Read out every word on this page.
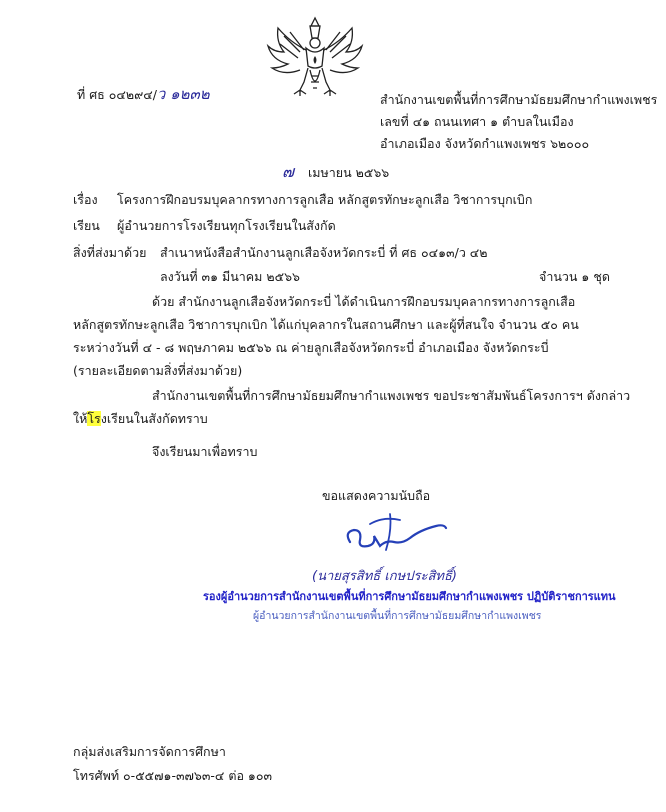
ที่ ศธ ๐๔๒๙๔/ว ๑๒๓๒	สำนักงานเขตพื้นที่การศึกษามัธยมศึกษากำแพงเพชร
เลขที่ ๔๑ ถนนเทศา ๑ ตำบลในเมือง
อำเภอเมือง จังหวัดกำแพงเพชร ๖๒๐๐๐
๗ เมษายน ๒๕๖๖
เรื่อง โครงการฝึกอบรมบุคลากรทางการลูกเสือ หลักสูตรทักษะลูกเสือ วิชาการบุกเบิก
เรียน ผู้อำนวยการโรงเรียนทุกโรงเรียนในสังกัด
สิ่งที่ส่งมาด้วย สำเนาหนังสือสำนักงานลูกเสือจังหวัดกระบี่ ที่ ศธ ๐๔๑๓/ว ๔๒
ลงวันที่ ๓๑ มีนาคม ๒๕๖๖	จำนวน ๑ ชุด
ด้วย สำนักงานลูกเสือจังหวัดกระบี่ ได้ดำเนินการฝึกอบรมบุคลากรทางการลูกเสือ
หลักสูตรทักษะลูกเสือ วิชาการบุกเบิก ได้แก่บุคลากรในสถานศึกษา และผู้ที่สนใจ จำนวน ๕๐ คน
ระหว่างวันที่ ๔ - ๘ พฤษภาคม ๒๕๖๖ ณ ค่ายลูกเสือจังหวัดกระบี่ อำเภอเมือง จังหวัดกระบี่
(รายละเอียดตามสิ่งที่ส่งมาด้วย)
สำนักงานเขตพื้นที่การศึกษามัธยมศึกษากำแพงเพชร ขอประชาสัมพันธ์โครงการฯ ดังกล่าว
ให้โรงเรียนในสังกัดทราบ
จึงเรียนมาเพื่อทราบ
ขอแสดงความนับถือ
(นายสุรสิทธิ์ เกษประสิทธิ์)
รองผู้อำนวยการสำนักงานเขตพื้นที่การศึกษามัธยมศึกษากำแพงเพชร ปฏิบัติราชการแทน
ผู้อำนวยการสำนักงานเขตพื้นที่การศึกษามัธยมศึกษากำแพงเพชร
กลุ่มส่งเสริมการจัดการศึกษา
โทรศัพท์ ๐-๕๕๗๑-๓๗๖๓-๔ ต่อ ๑๐๓
